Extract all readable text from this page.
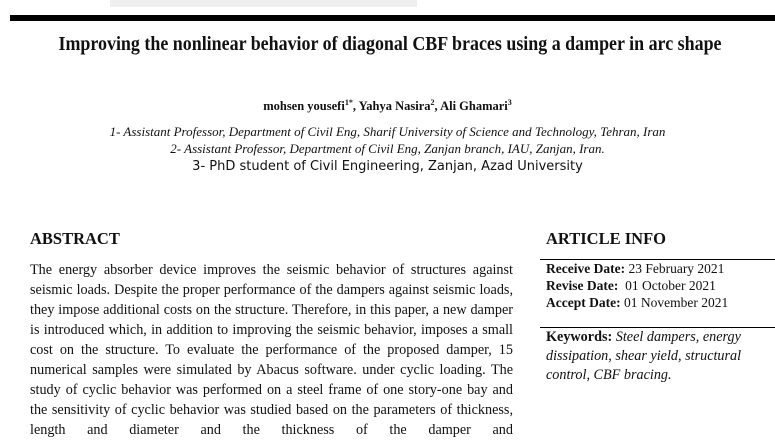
Improving the nonlinear behavior of diagonal CBF braces using a damper in arc shape
mohsen yousefi$^{1*}$, Yahya Nasira$^2$, Ali Ghamari$^3$
1- Assistant Professor, Department of Civil Eng, Sharif University of Science and Technology, Tehran, Iran
2- Assistant Professor, Department of Civil Eng, Zanjan branch, IAU, Zanjan, Iran.
3- PhD student of Civil Engineering, Zanjan, Azad University
ABSTRACT

The energy absorber device improves the seismic behavior of structures against seismic loads. Despite the proper performance of the dampers against seismic loads, they impose additional costs on the structure. Therefore, in this paper, a new damper is introduced which, in addition to improving the seismic behavior, imposes a small cost on the structure. To evaluate the performance of the proposed damper, 15 numerical samples were simulated by Abacus software. under cyclic loading. The study of cyclic behavior was performed on a steel frame of one story-one bay and the sensitivity of cyclic behavior was studied based on the parameters of thickness, length and diameter and the thickness of the damper and

ARTICLE INFO
Receive Date: 23 February 2021
Revise Date:  01 October 2021
Accept Date: 01 November 2021
Keywords: Steel dampers, energy dissipation, shear yield, structural control, CBF bracing.
